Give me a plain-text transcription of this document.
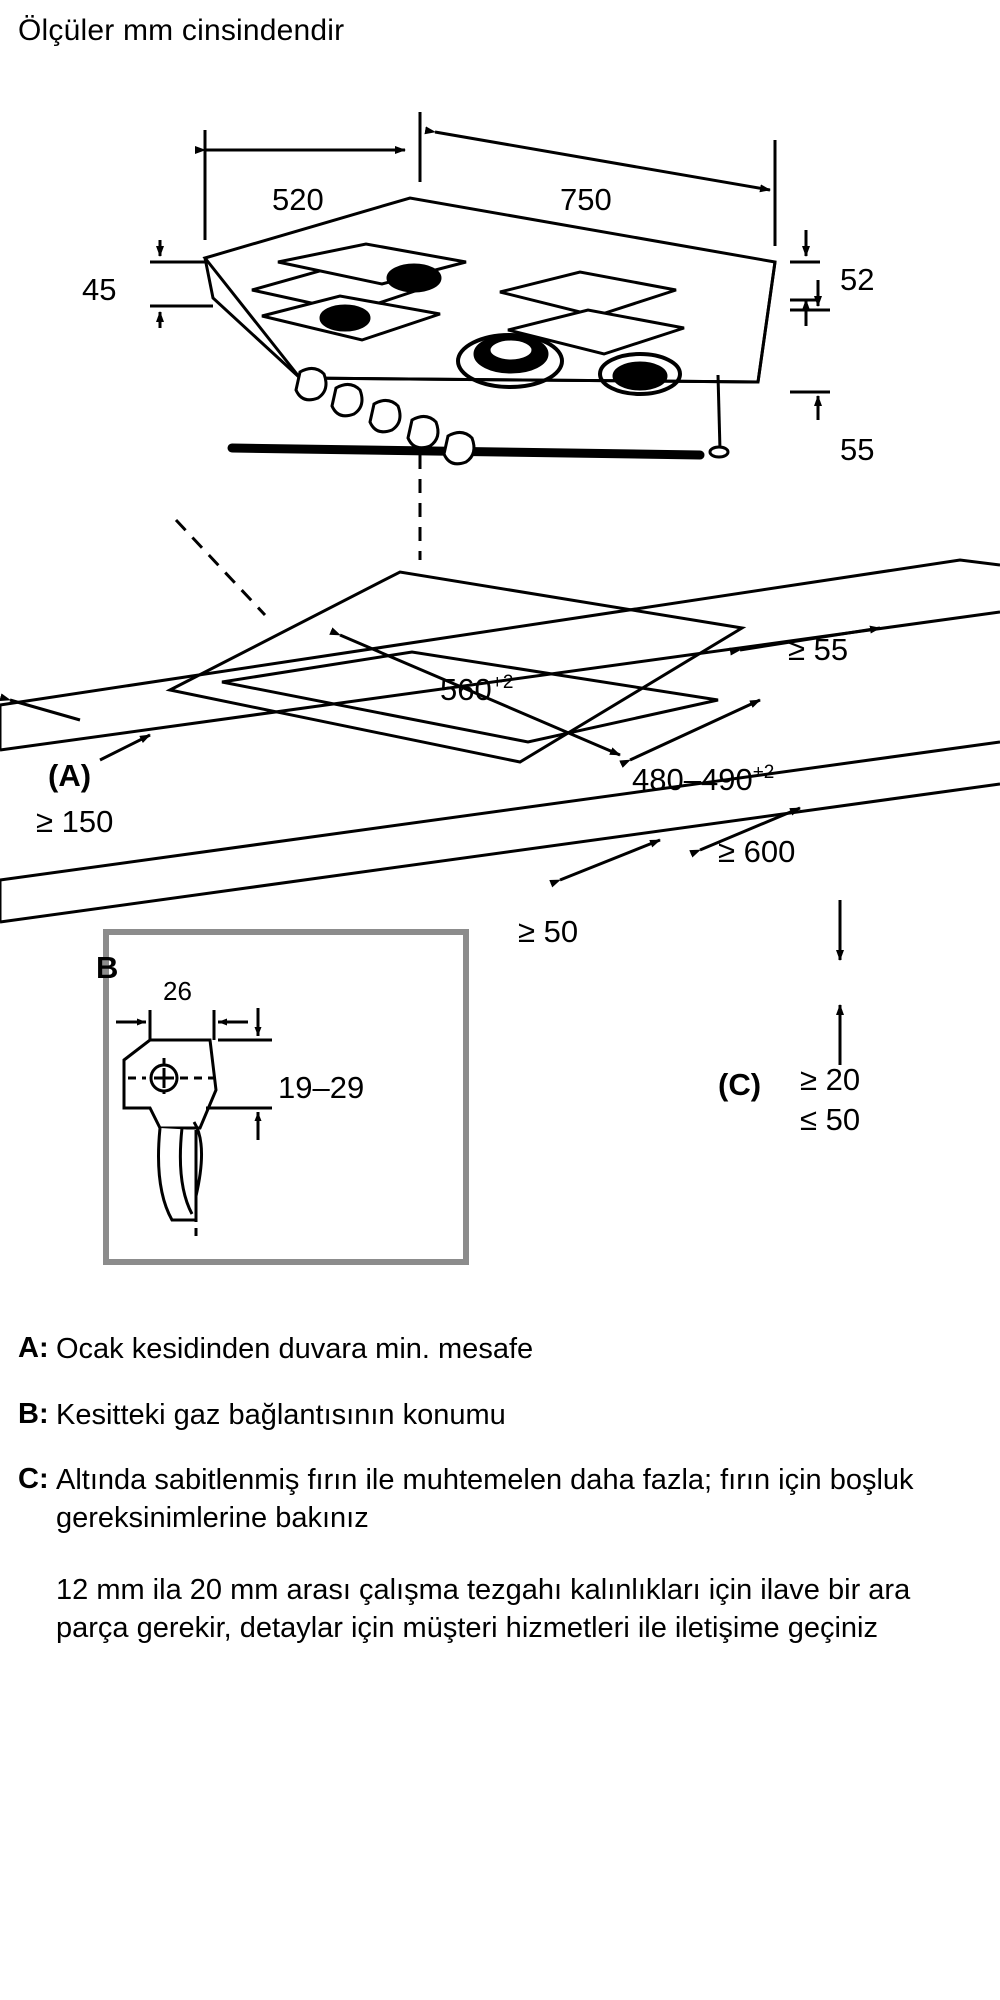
Ölçüler mm cinsindendir
520	750
45	52
55
$560^{+2}$
$480-490^{+2}$
≥ 55
≥ 600
≥ 50
(A)
≥ 150
(C) ≥ 20
≤ 50
B
26
19–29
A: Ocak kesidinden duvara min. mesafe
B: Kesitteki gaz bağlantısının konumu
C: Altında sabitlenmiş fırın ile muhtemelen daha fazla; fırın için boşluk gereksinimlerine bakınız
12 mm ila 20 mm arası çalışma tezgahı kalınlıkları için ilave bir ara parça gerekir, detaylar için müşteri hizmetleri ile iletişime geçiniz
